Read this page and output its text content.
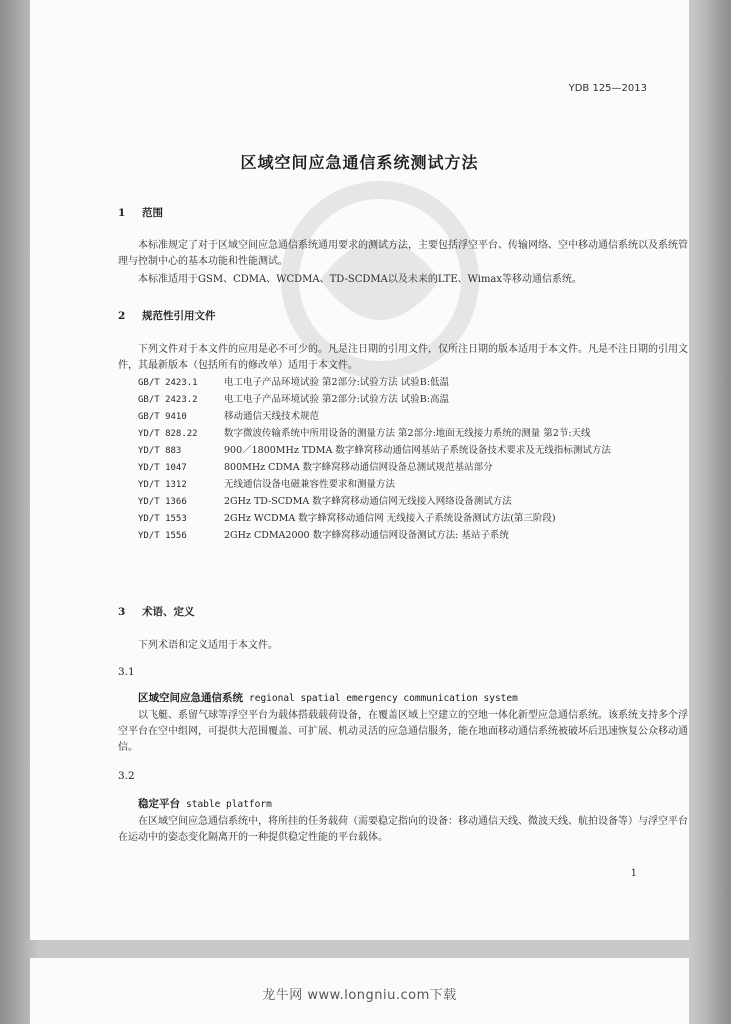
YDB 125—2013
区域空间应急通信系统测试方法
1 范围
本标准规定了对于区域空间应急通信系统通用要求的测试方法，主要包括浮空平台、传输网络、空中移动通信系统以及系统管理与控制中心的基本功能和性能测试。
本标准适用于GSM、CDMA、WCDMA、TD-SCDMA以及未来的LTE、Wimax等移动通信系统。
2 规范性引用文件
下列文件对于本文件的应用是必不可少的。凡是注日期的引用文件，仅所注日期的版本适用于本文件。凡是不注日期的引用文件，其最新版本（包括所有的修改单）适用于本文件。
GB/T 2423.1	电工电子产品环境试验 第2部分:试验方法 试验B:低温
GB/T 2423.2	电工电子产品环境试验 第2部分:试验方法 试验B:高温
GB/T 9410	移动通信天线技术规范
YD/T 828.22	数字微波传输系统中所用设备的测量方法 第2部分:地面无线接力系统的测量 第2节:天线
YD/T 883	900／1800MHz TDMA 数字蜂窝移动通信网基站子系统设备技术要求及无线指标测试方法
YD/T 1047	800MHz CDMA 数字蜂窝移动通信网设备总测试规范基站部分
YD/T 1312	无线通信设备电磁兼容性要求和测量方法
YD/T 1366	2GHz TD-SCDMA 数字蜂窝移动通信网无线接入网络设备测试方法
YD/T 1553	2GHz WCDMA 数字蜂窝移动通信网 无线接入子系统设备测试方法(第三阶段)
YD/T 1556	2GHz CDMA2000 数字蜂窝移动通信网设备测试方法: 基站子系统
3 术语、定义
下列术语和定义适用于本文件。
3.1
区域空间应急通信系统 regional spatial emergency communication system
以飞艇、系留气球等浮空平台为载体搭载载荷设备，在覆盖区域上空建立的空地一体化新型应急通信系统。该系统支持多个浮空平台在空中组网，可提供大范围覆盖、可扩展、机动灵活的应急通信服务，能在地面移动通信系统被破坏后迅速恢复公众移动通信。
3.2
稳定平台 stable platform
在区域空间应急通信系统中，将所挂的任务载荷（需要稳定指向的设备：移动通信天线、微波天线、航拍设备等）与浮空平台在运动中的姿态变化隔离开的一种提供稳定性能的平台载体。
1
龙牛网 www.longniu.com下载
